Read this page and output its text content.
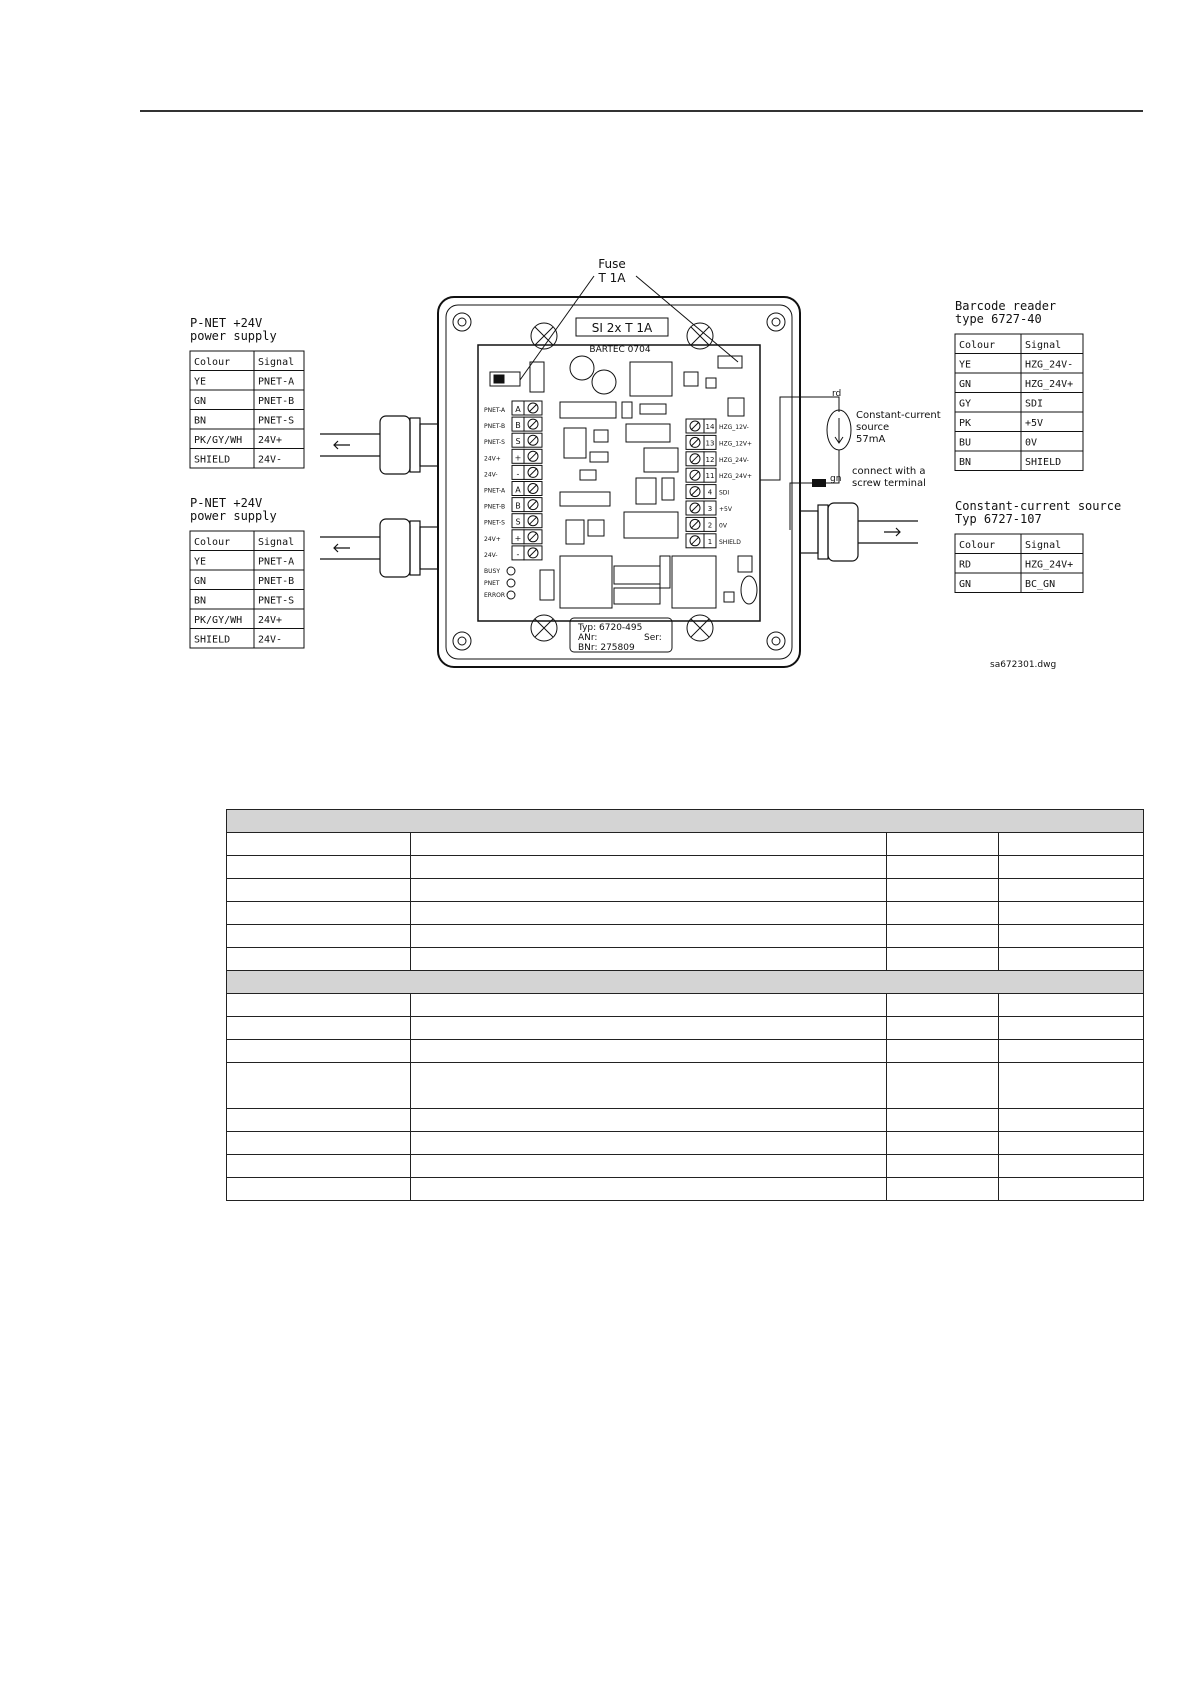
Fuse
T 1A
SI 2x T 1A
BARTEC 0704
PNET-A A
PNET-B B
PNET-S S
24V+ +
24V- -
PNET-A A
PNET-B B
PNET-S S
24V+ +
24V- -
14 HZG_12V-
13 HZG_12V+
12 HZG_24V-
11 HZG_24V+
4 SDI
3 +5V
2 0V
1 SHIELD
BUSY
PNET
ERROR
Typ: 6720-495
ANr:
BNr: 275809
Ser:
rd
gn
Constant-current
source
57mA
connect with a
screw terminal
P-NET +24V
power supply
Colour	Signal
YE	PNET-A
GN	PNET-B
BN	PNET-S
PK/GY/WH 24V+
SHIELD	24V-
P-NET +24V
power supply
Colour	Signal
YE	PNET-A
GN	PNET-B
BN	PNET-S
PK/GY/WH 24V+
SHIELD	24V-
Barcode reader
type 6727-40
Colour	Signal
YE	HZG_24V-
GN	HZG_24V+
GY	SDI
PK	+5V
BU	0V
BN	SHIELD
Constant-current source
Typ 6727-107
Colour	Signal
RD	HZG_24V+
GN	BC_GN
sa672301.dwg
